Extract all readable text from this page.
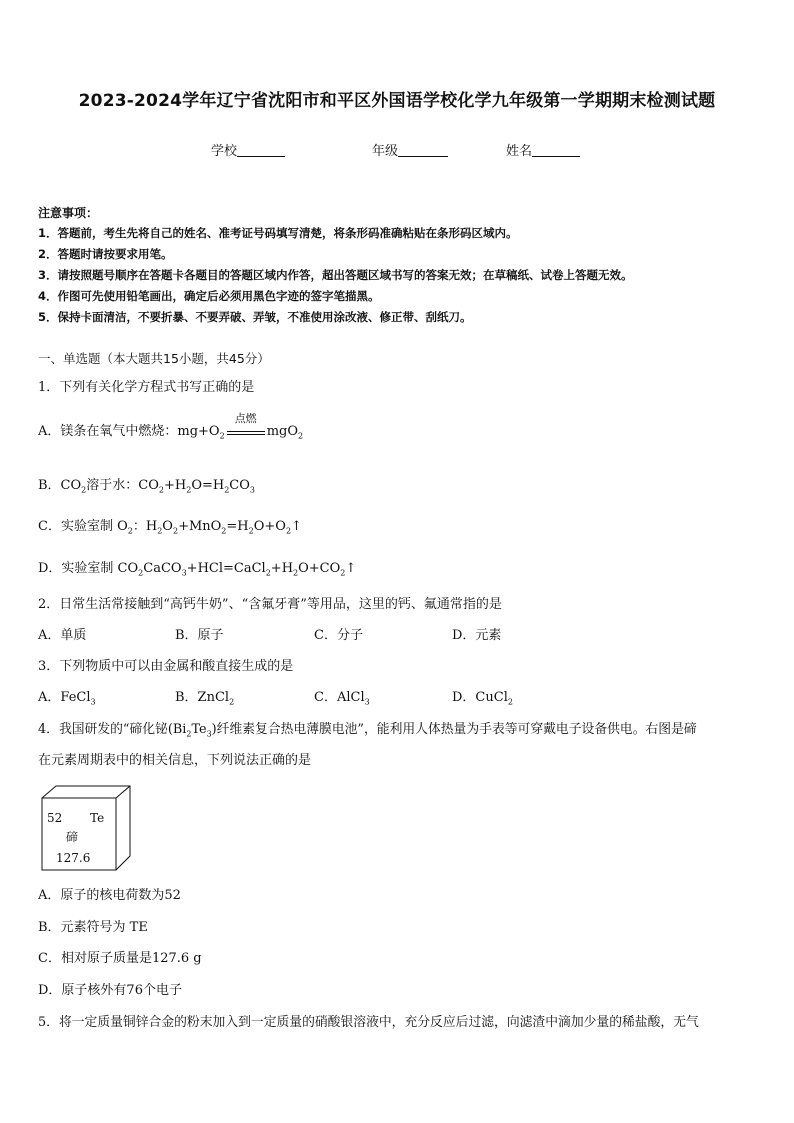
2023-2024学年辽宁省沈阳市和平区外国语学校化学九年级第一学期期末检测试题
学校	年级	姓名
注意事项：
1．答题前，考生先将自己的姓名、准考证号码填写清楚，将条形码准确粘贴在条形码区域内。
2．答题时请按要求用笔。
3．请按照题号顺序在答题卡各题目的答题区域内作答，超出答题区域书写的答案无效；在草稿纸、试卷上答题无效。
4．作图可先使用铅笔画出，确定后必须用黑色字迹的签字笔描黑。
5．保持卡面清洁，不要折暴、不要弄破、弄皱，不准使用涂改液、修正带、刮纸刀。
一、单选题（本大题共15小题，共45分）
1．下列有关化学方程式书写正确的是
A．镁条在氧气中燃烧：$mg+O_2$
点燃
mgO$_2$
B．$CO_2$溶于水：$CO_2+H_2O=H_2CO_3$
C．实验室制 $O_2$：$H_2O_2+MnO_2=H_2O+O_2↑$
D．实验室制 $CO_2CaCO_3+HCl=CaCl_2+H_2O+CO_2↑$
2．日常生活常接触到“高钙牛奶”、“含氟牙膏”等用品，这里的钙、氟通常指的是
A．单质	B．原子	C．分子	D．元素
3．下列物质中可以由金属和酸直接生成的是
A．FeCl$_3$	B．ZnCl$_2$	C．AlCl$_3$	D．CuCl$_2$
4．我国研发的“碲化铋$(Bi_2Te_3)$纤维素复合热电薄膜电池”，能利用人体热量为手表等可穿戴电子设备供电。右图是碲
在元素周期表中的相关信息，下列说法正确的是
52 Te
碲
127.6
A．原子的核电荷数为52
B．元素符号为 TE
C．相对原子质量是127.6 g
D．原子核外有76个电子
5．将一定质量铜锌合金的粉末加入到一定质量的硝酸银溶液中，充分反应后过滤，向滤渣中滴加少量的稀盐酸，无气
